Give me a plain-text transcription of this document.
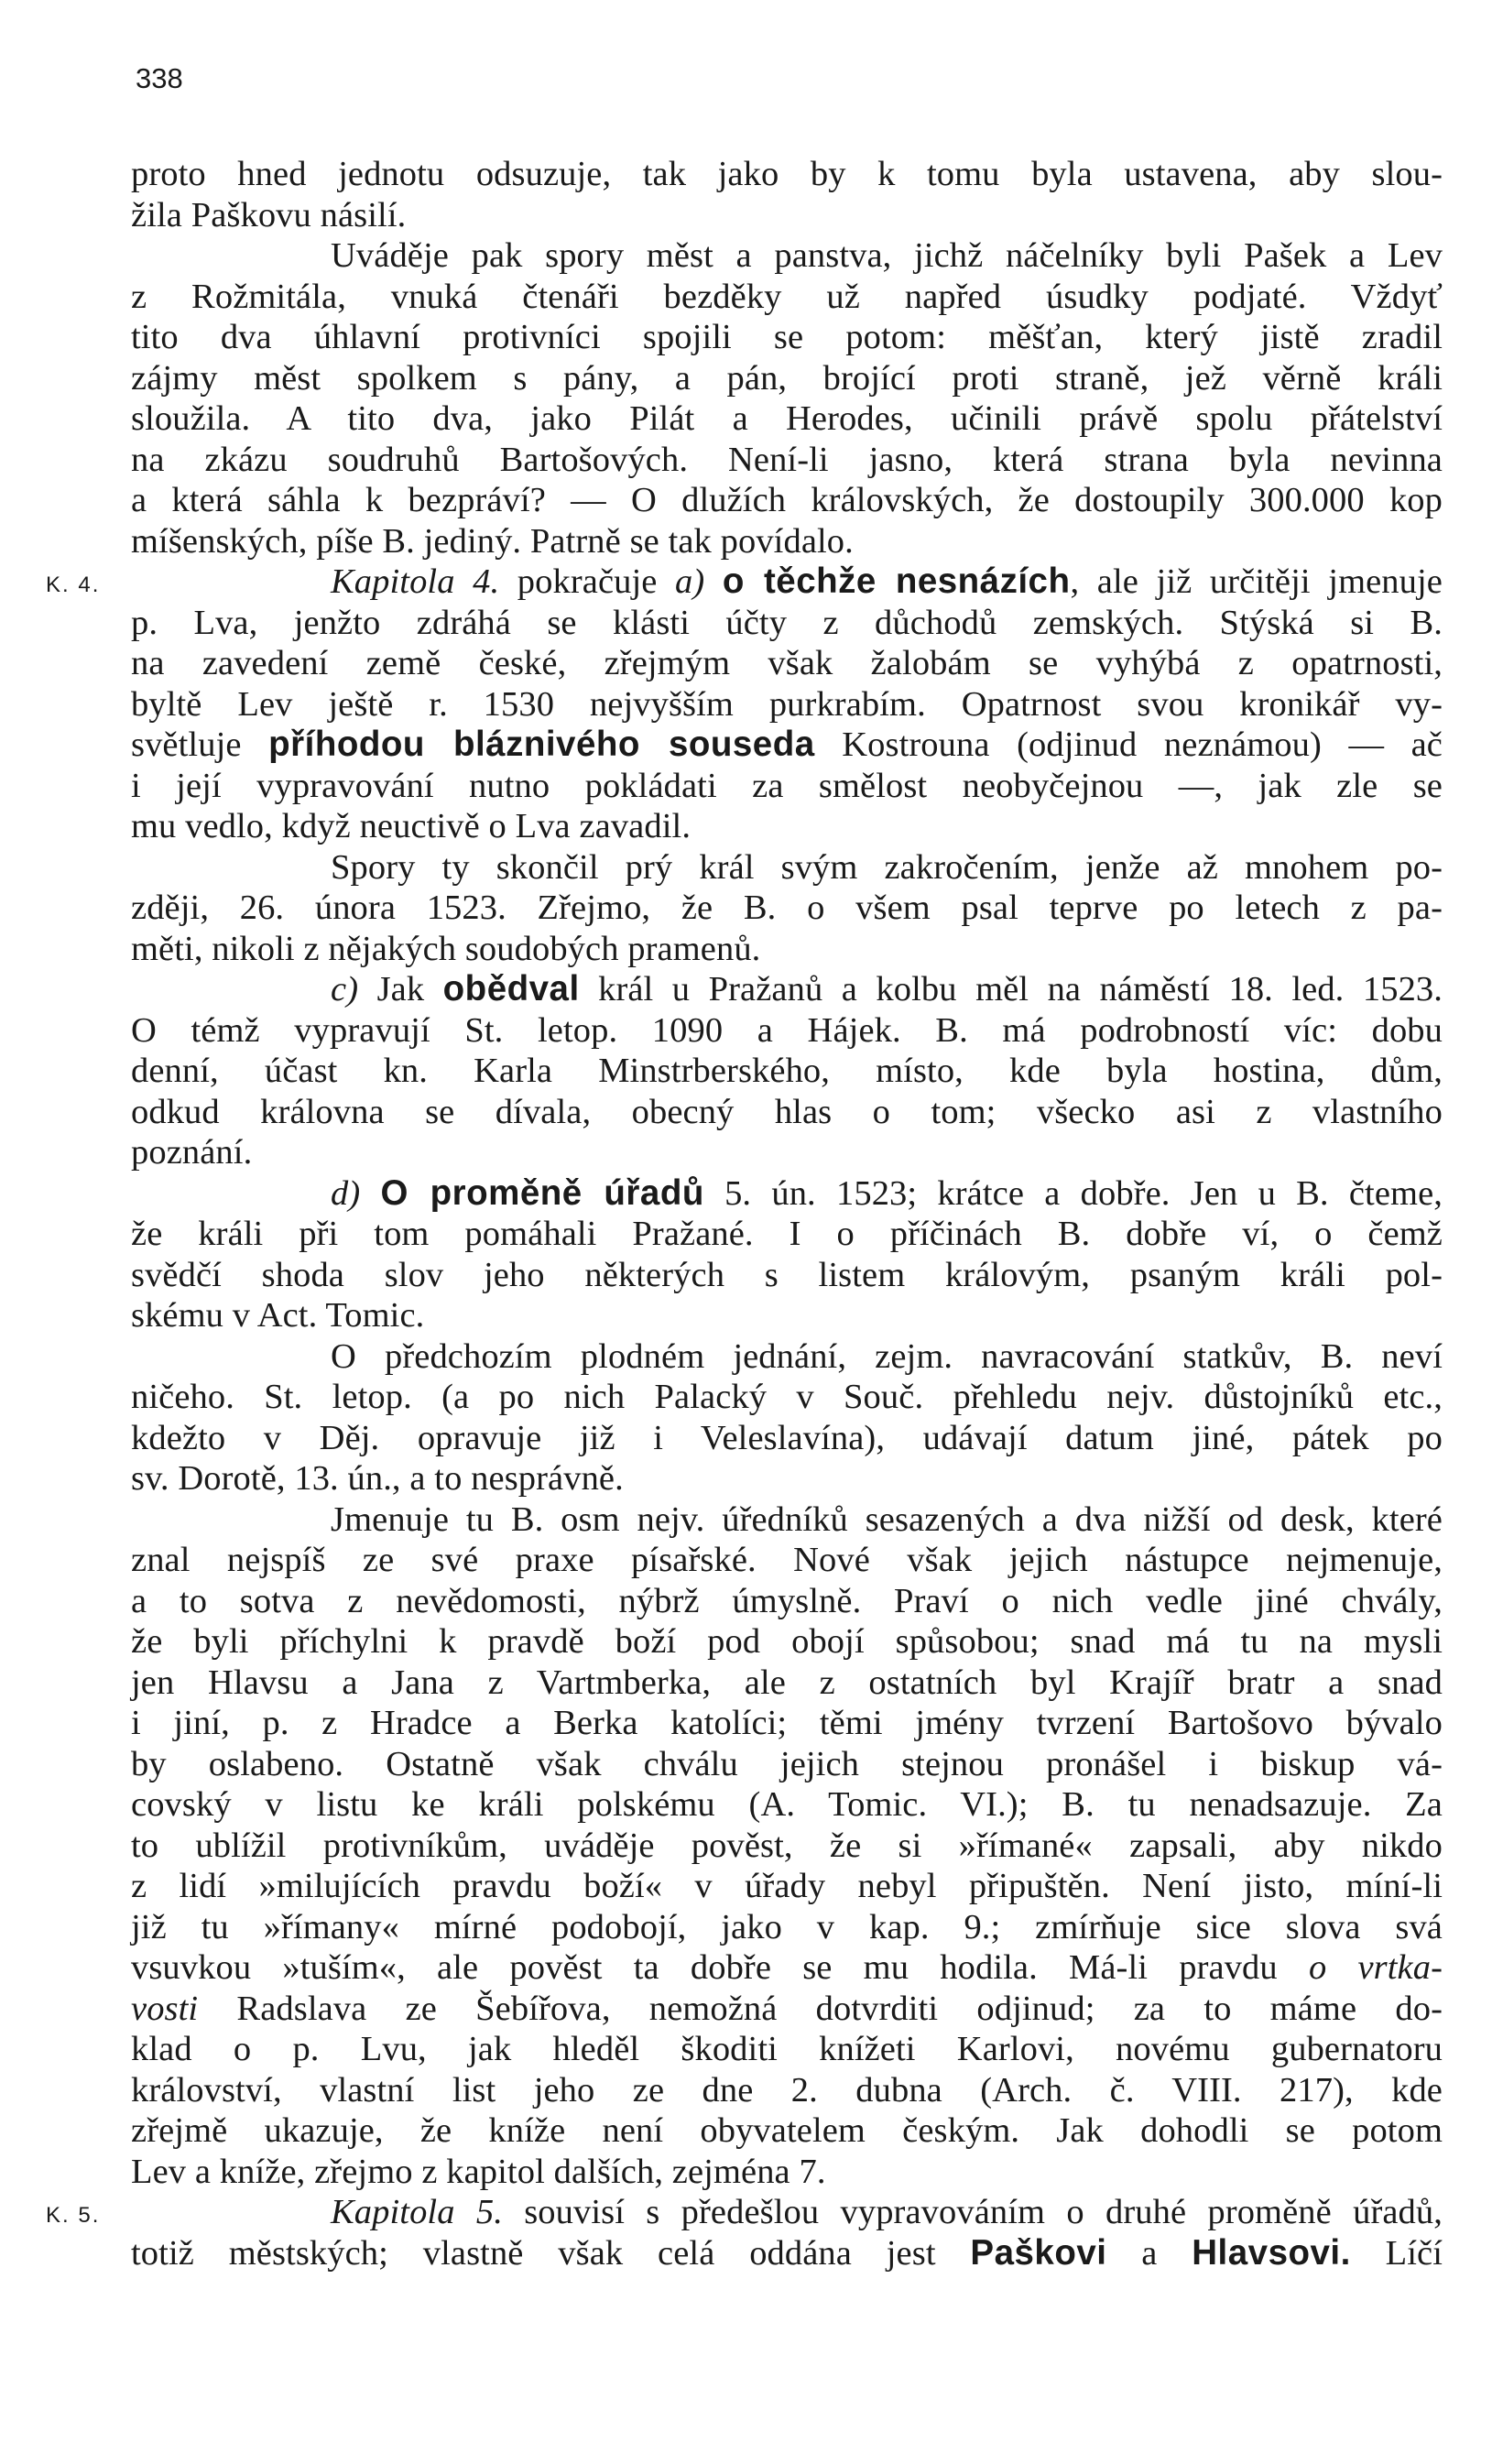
338
proto hned jednotu odsuzuje, tak jako by k tomu byla ustavena, aby slou-
žila Paškovu násilí.
Uváděje pak spory měst a panstva, jichž náčelníky byli Pašek a Lev
z Rožmitála, vnuká čtenáři bezděky už napřed úsudky podjaté. Vždyť
tito dva úhlavní protivníci spojili se potom: měšťan, který jistě zradil
zájmy měst spolkem s pány, a pán, brojící proti straně, jež věrně králi
sloužila. A tito dva, jako Pilát a Herodes, učinili právě spolu přátelství
na zkázu soudruhů Bartošových. Není-li jasno, která strana byla nevinna
a která sáhla k bezpráví? — O dlužích královských, že dostoupily 300.000 kop
míšenských, píše B. jediný. Patrně se tak povídalo.
Kapitola 4. pokračuje a) o těchže nesnázích, ale již určitěji jmenuje
p. Lva, jenžto zdráhá se klásti účty z důchodů zemských. Stýská si B.
na zavedení země české, zřejmým však žalobám se vyhýbá z opatrnosti,
byltě Lev ještě r. 1530 nejvyšším purkrabím. Opatrnost svou kronikář vy-
světluje příhodou bláznivého souseda Kostrouna (odjinud neznámou) — ač
i její vypravování nutno pokládati za smělost neobyčejnou —, jak zle se
mu vedlo, když neuctivě o Lva zavadil.
Spory ty skončil prý král svým zakročením, jenže až mnohem po-
zději, 26. února 1523. Zřejmo, že B. o všem psal teprve po letech z pa-
měti, nikoli z nějakých soudobých pramenů.
c) Jak obědval král u Pražanů a kolbu měl na náměstí 18. led. 1523.
O témž vypravují St. letop. 1090 a Hájek. B. má podrobností víc: dobu
denní, účast kn. Karla Minstrberského, místo, kde byla hostina, dům,
odkud královna se dívala, obecný hlas o tom; všecko asi z vlastního
poznání.
d) O proměně úřadů 5. ún. 1523; krátce a dobře. Jen u B. čteme,
že králi při tom pomáhali Pražané. I o příčinách B. dobře ví, o čemž
svědčí shoda slov jeho některých s listem královým, psaným králi pol-
skému v Act. Tomic.
O předchozím plodném jednání, zejm. navracování statkův, B. neví
ničeho. St. letop. (a po nich Palacký v Souč. přehledu nejv. důstojníků etc.,
kdežto v Děj. opravuje již i Veleslavína), udávají datum jiné, pátek po
sv. Dorotě, 13. ún., a to nesprávně.
Jmenuje tu B. osm nejv. úředníků sesazených a dva nižší od desk, které
znal nejspíš ze své praxe písařské. Nové však jejich nástupce nejmenuje,
a to sotva z nevědomosti, nýbrž úmyslně. Praví o nich vedle jiné chvály,
že byli příchylni k pravdě boží pod obojí spůsobou; snad má tu na mysli
jen Hlavsu a Jana z Vartmberka, ale z ostatních byl Krajíř bratr a snad
i jiní, p. z Hradce a Berka katolíci; těmi jmény tvrzení Bartošovo bývalo
by oslabeno. Ostatně však chválu jejich stejnou pronášel i biskup vá-
covský v listu ke králi polskému (A. Tomic. VI.); B. tu nenadsazuje. Za
to ublížil protivníkům, uváděje pověst, že si »římané« zapsali, aby nikdo
z lidí »milujících pravdu boží« v úřady nebyl připuštěn. Není jisto, míní-li
již tu »římany« mírné podobojí, jako v kap. 9.; zmírňuje sice slova svá
vsuvkou »tuším«, ale pověst ta dobře se mu hodila. Má-li pravdu o vrtka-
vosti Radslava ze Šebířova, nemožná dotvrditi odjinud; za to máme do-
klad o p. Lvu, jak hleděl škoditi knížeti Karlovi, novému gubernatoru
království, vlastní list jeho ze dne 2. dubna (Arch. č. VIII. 217), kde
zřejmě ukazuje, že kníže není obyvatelem českým. Jak dohodli se potom
Lev a kníže, zřejmo z kapitol dalších, zejména 7.
Kapitola 5. souvisí s předešlou vypravováním o druhé proměně úřadů,
totiž městských; vlastně však celá oddána jest Paškovi a Hlavsovi. Líčí
K. 4.
K. 5.
